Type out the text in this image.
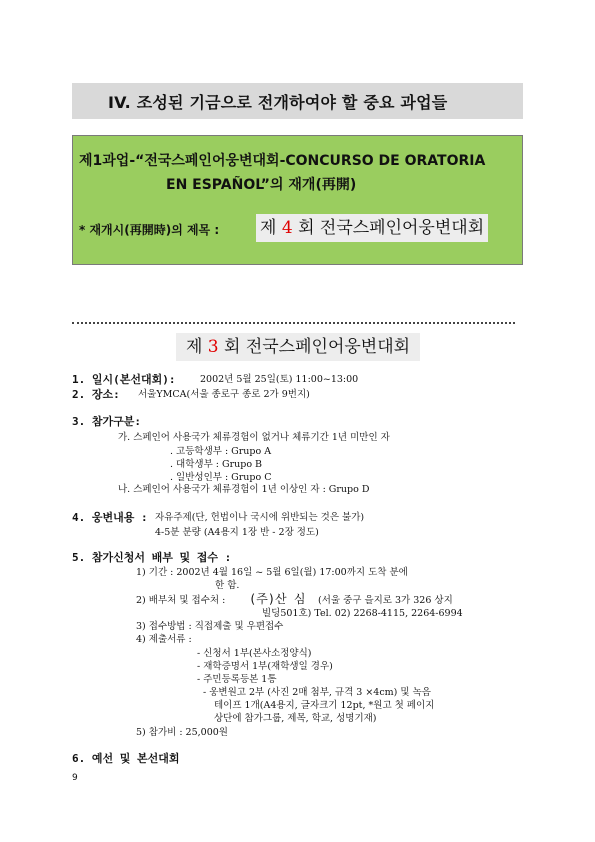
IV. 조성된 기금으로 전개하여야 할 중요 과업들
제1과업-“전국스페인어웅변대회-CONCURSO DE ORATORIA
EN ESPAÑOL”의 재개(再開)
* 재개시(再開時)의 제목 : 제 4 회 전국스페인어웅변대회
제 3 회 전국스페인어웅변대회
1. 일시(본선대회):	2002년 5월 25일(토) 11:00~13:00
2. 장소: 서울YMCA(서울 종로구 종로 2가 9번지)
3. 참가구분:
가. 스페인어 사용국가 체류경험이 없거나 체류기간 1년 미만인 자
. 고등학생부 : Grupo A
. 대학생부 : Grupo B
. 일반성인부 : Grupo C
나. 스페인어 사용국가 체류경험이 1년 이상인 자 : Grupo D
4. 웅변내용 : 자유주제(단, 헌법이나 국시에 위반되는 것은 불가)
4-5분 분량 (A4용지 1장 반 - 2장 정도)
5. 참가신청서 배부 및 접수 :
1) 기간 : 2002년 4월 16일 ~ 5월 6일(월) 17:00까지 도착 분에
한 함.
2) 배부처 및 접수처 : (주)산 심 (서울 중구 을지로 3가 326 상지
빌딩501호) Tel. 02) 2268-4115, 2264-6994
3) 접수방법 : 직접제출 및 우편접수
4) 제출서류 :
- 신청서 1부(본사소정양식)
- 재학증명서 1부(재학생일 경우)
- 주민등록등본 1통
- 웅변원고 2부 (사진 2매 첨부, 규격 3 ×4cm) 및 녹음
테이프 1개(A4용지, 글자크기 12pt, *원고 첫 페이지
상단에 참가그룹, 제목, 학교, 성명기재)
5) 참가비 : 25,000원
6. 예선 및 본선대회
9
